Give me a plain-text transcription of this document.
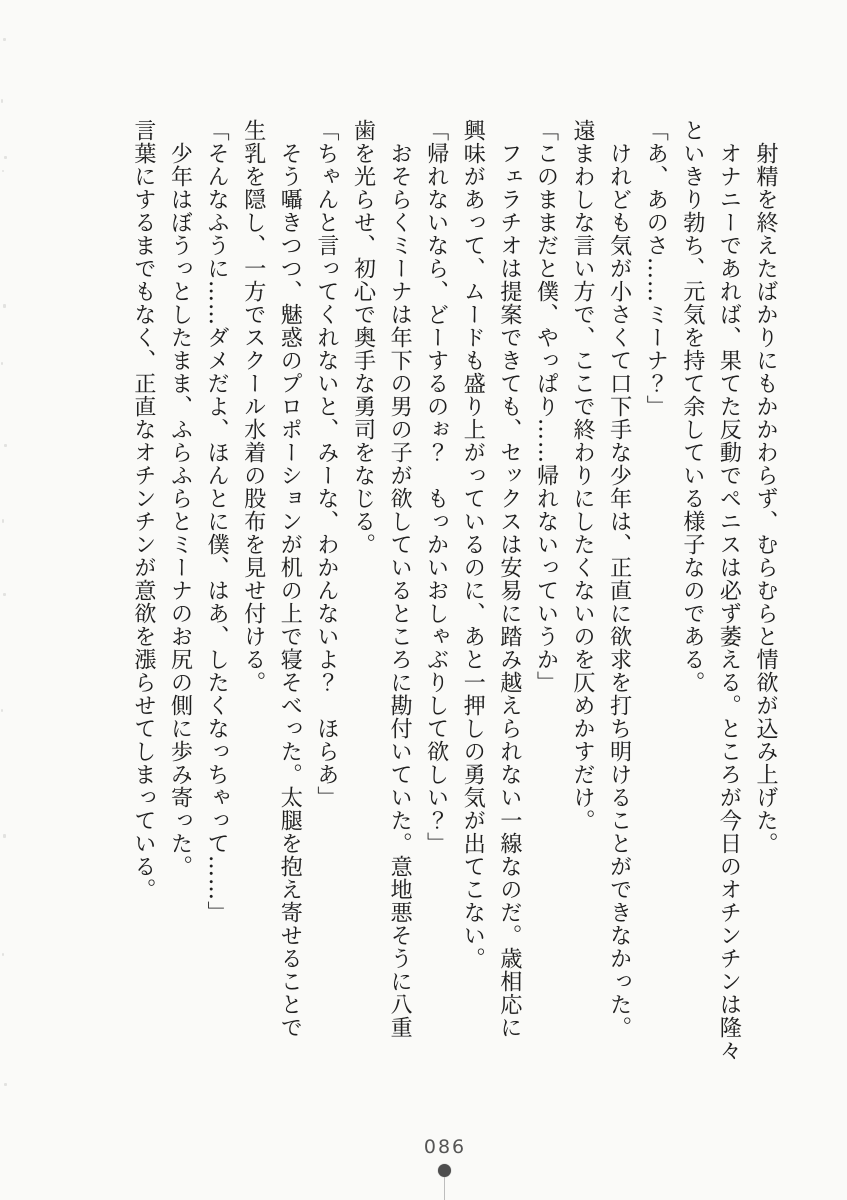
　射精を終えたばかりにもかかわらず、むらむらと情欲が込み上げた。
　オナニーであれば、果てた反動でペニスは必ず萎える。ところが今日のオチンチンは隆々
といきり勃ち、元気を持て余している様子なのである。
「あ、あのさ……ミーナ？」
　けれども気が小さくて口下手な少年は、正直に欲求を打ち明けることができなかった。
遠まわしな言い方で、ここで終わりにしたくないのを仄めかすだけ。
「このままだと僕、やっぱり……帰れないっていうか」
　フェラチオは提案できても、セックスは安易に踏み越えられない一線なのだ。歳相応に
興味があって、ムードも盛り上がっているのに、あと一押しの勇気が出てこない。
「帰れないなら、どーするのぉ？　もっかいおしゃぶりして欲しい？」
　おそらくミーナは年下の男の子が欲しているところに勘付いていた。意地悪そうに八重
歯を光らせ、初心で奥手な勇司をなじる。
「ちゃんと言ってくれないと、みーな、わかんないよ？　ほらあ」
　そう囁きつつ、魅惑のプロポーションが机の上で寝そべった。太腿を抱え寄せることで
生乳を隠し、一方でスクール水着の股布を見せ付ける。
「そんなふうに……ダメだよ、ほんとに僕、はあ、したくなっちゃって……」
　少年はぼうっとしたまま、ふらふらとミーナのお尻の側に歩み寄った。
言葉にするまでもなく、正直なオチンチンが意欲を漲らせてしまっている。
086
